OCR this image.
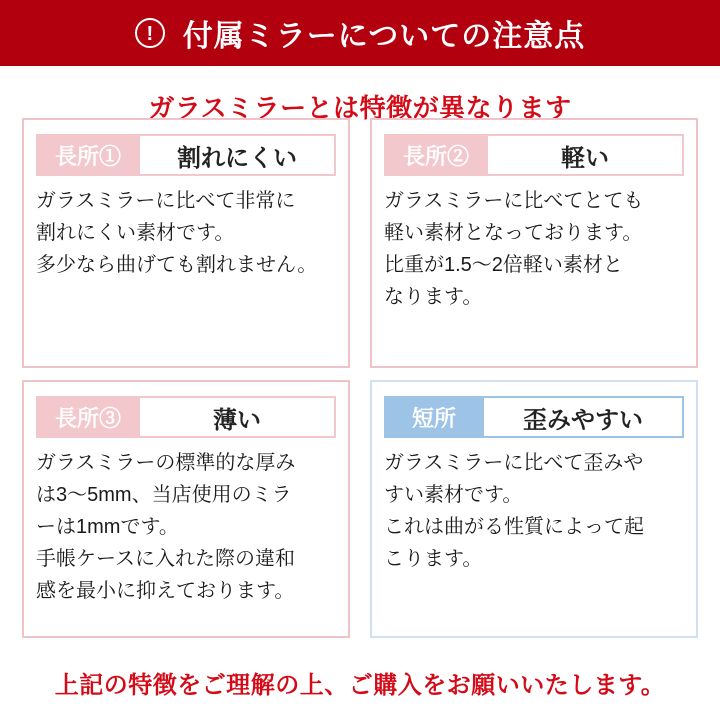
! 付属ミラーについての注意点
ガラスミラーとは特徴が異なります
長所①	割れにくい

ガラスミラーに比べて非常に

割れにくい素材です。

多少なら曲げても割れません。

長所②	軽い

ガラスミラーに比べてとても

軽い素材となっております。

比重が1.5〜2倍軽い素材と

なります。

長所③	薄い

ガラスミラーの標準的な厚み

は3〜5mm、当店使用のミラ

ーは1mmです。

手帳ケースに入れた際の違和

感を最小に抑えております。

短所	歪みやすい

ガラスミラーに比べて歪みや

すい素材です。

これは曲がる性質によって起

こります。

上記の特徴をご理解の上、ご購入をお願いいたします。
